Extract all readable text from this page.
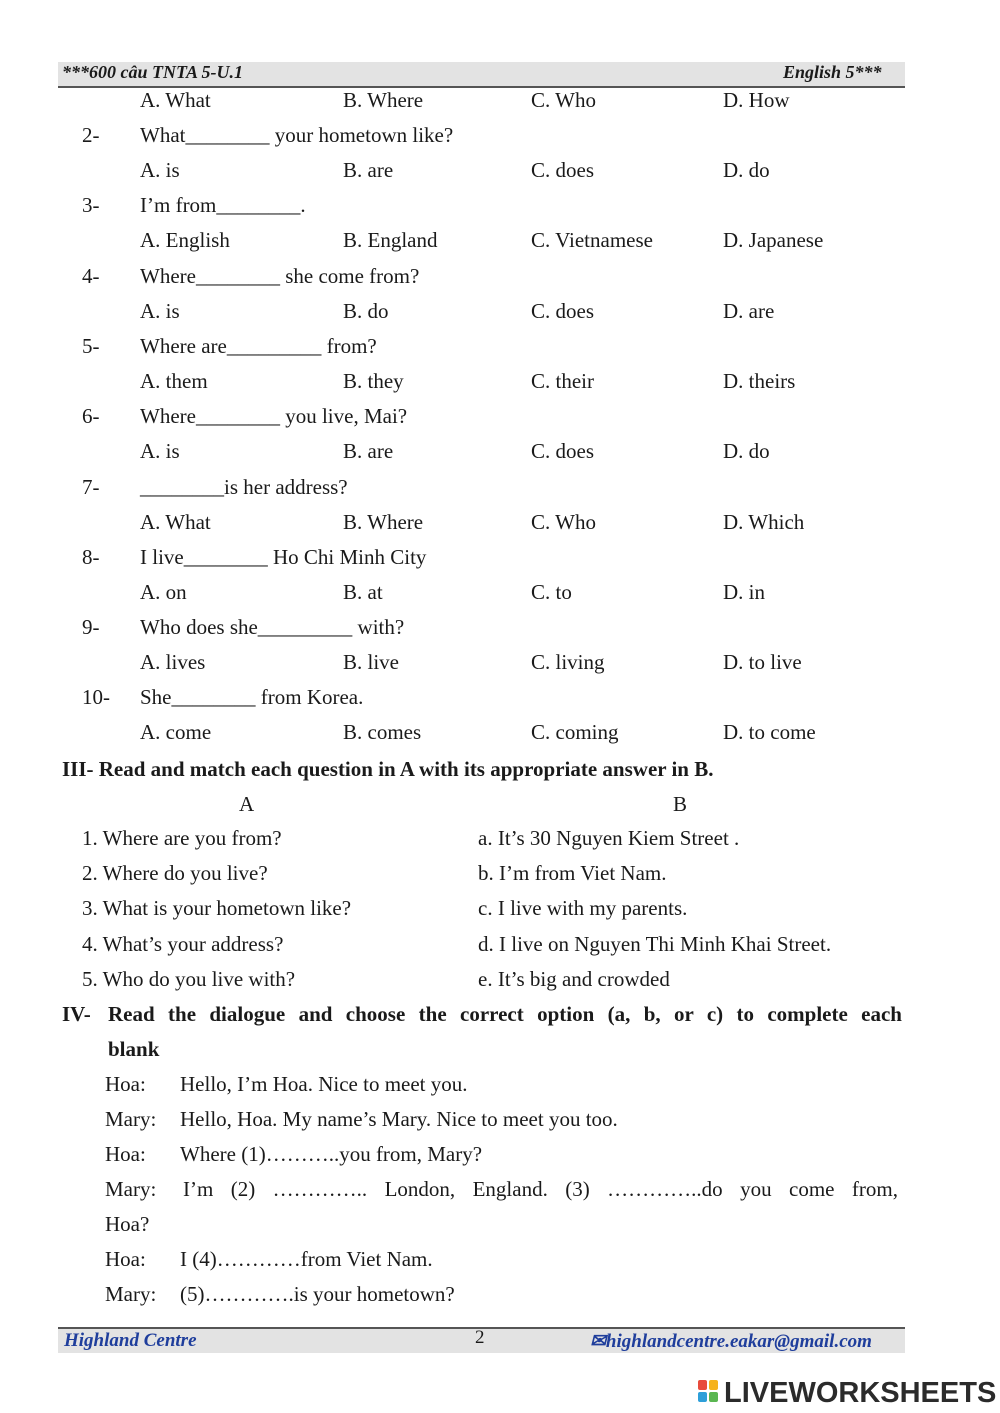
***600 câu TNTA 5-U.1	English 5***
A. What	B. Where	C. Who	D. How
2- What________ your hometown like?
A. is	B. are	C. does	D. do
3- I’m from________.
A. English	B. England	C. Vietnamese	D. Japanese
4- Where________ she come from?
A. is	B. do	C. does	D. are
5- Where are_________ from?
A. them	B. they	C. their	D. theirs
6- Where________ you live, Mai?
A. is	B. are	C. does	D. do
7- ________is her address?
A. What	B. Where	C. Who	D. Which
8- I live________ Ho Chi Minh City
A. on	B. at	C. to	D. in
9- Who does she_________ with?
A. lives	B. live	C. living	D. to live
10- She________ from Korea.
A. come	B. comes	C. coming	D. to come
III- Read and match each question in A with its appropriate answer in B.
A	B
1. Where are you from?	a. It’s 30 Nguyen Kiem Street .
2. Where do you live?	b. I’m from Viet Nam.
3. What is your hometown like?	c. I live with my parents.
4. What’s your address?	d. I live on Nguyen Thi Minh Khai Street.
5. Who do you live with?	e. It’s big and crowded
IV- Read the dialogue and choose the correct option (a, b, or c) to complete each
blank
Hoa: Hello, I’m Hoa. Nice to meet you.
Mary: Hello, Hoa. My name’s Mary. Nice to meet you too.
Hoa: Where (1)………..you from, Mary?
Mary: I’m (2) ………….. London, England. (3) …………..do you come from,
Hoa?
Hoa: I (4)…………from Viet Nam.
Mary: (5)………….is your hometown?
Highland Centre	2	✉highlandcentre.eakar@gmail.com
LIVEWORKSHEETS
